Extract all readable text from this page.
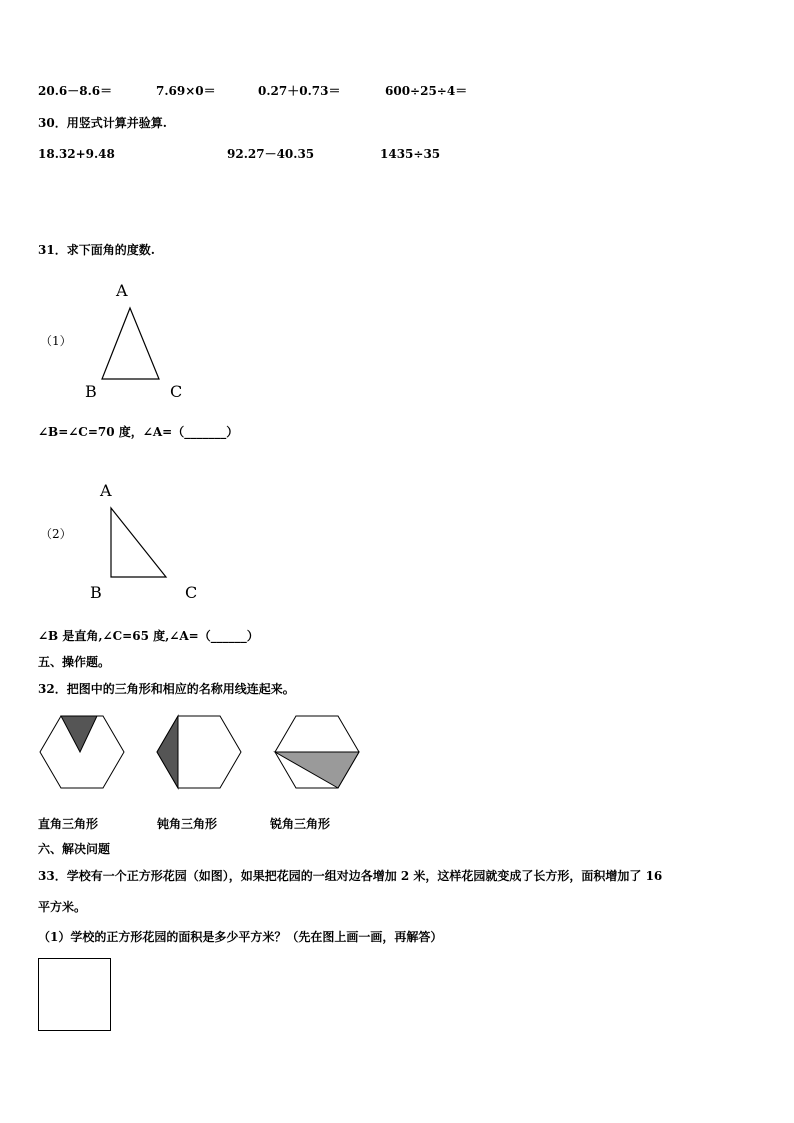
20.6－8.6＝	7.69×0＝	0.27＋0.73＝	600÷25÷4＝
30．用竖式计算并验算.
18.32+9.48	92.27－40.35	1435÷35
31．求下面角的度数.
A
（1）
B	C
∠B=∠C=70 度，∠A=（_______）
A
（2）
B	C
∠B 是直角,∠C=65 度,∠A=（______）
五、操作题。
32．把图中的三角形和相应的名称用线连起来。
直角三角形	钝角三角形	锐角三角形
六、解决问题
33．学校有一个正方形花园（如图），如果把花园的一组对边各增加 2 米，这样花园就变成了长方形，面积增加了 16
平方米。
（1）学校的正方形花园的面积是多少平方米？（先在图上画一画，再解答）
